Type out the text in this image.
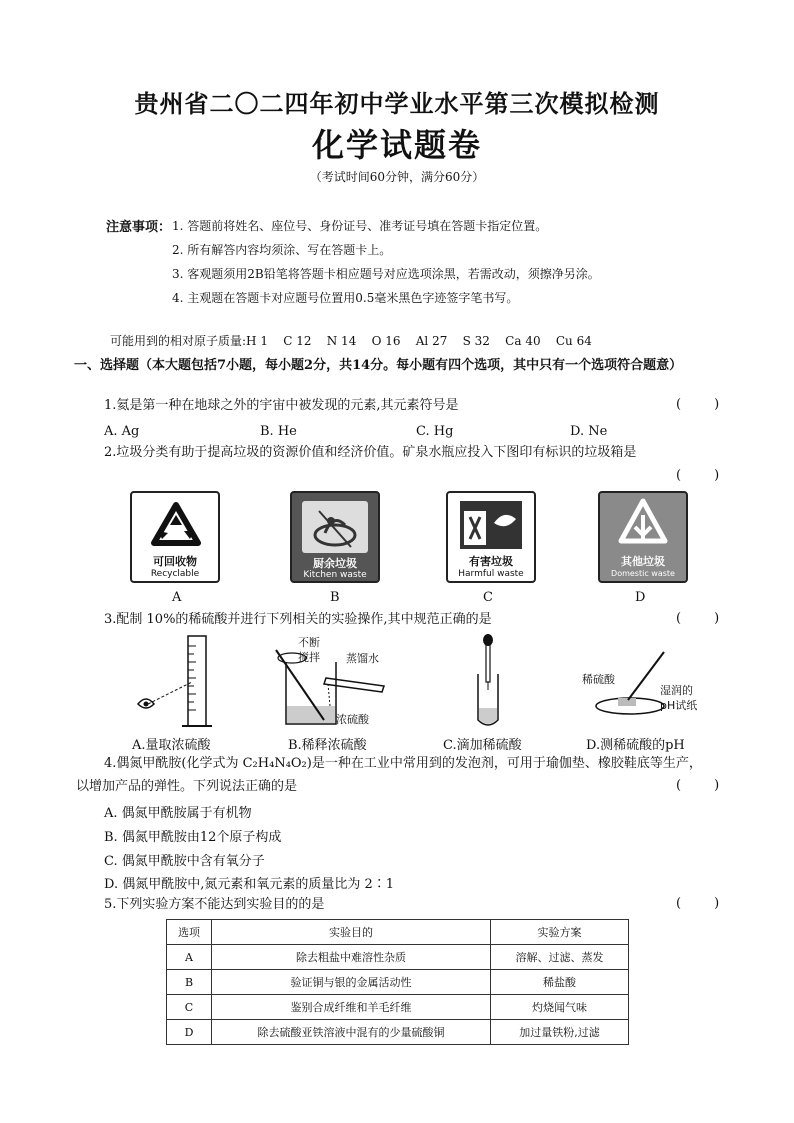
贵州省二〇二四年初中学业水平第三次模拟检测
化学试题卷
（考试时间60分钟，满分60分）
注意事项： 1. 答题前将姓名、座位号、身份证号、准考证号填在答题卡指定位置。
2. 所有解答内容均须涂、写在答题卡上。
3. 客观题须用2B铅笔将答题卡相应题号对应选项涂黑，若需改动，须擦净另涂。
4. 主观题在答题卡对应题号位置用0.5毫米黑色字迹签字笔书写。
可能用到的相对原子质量:H 1    C 12    N 14    O 16    Al 27    S 32    Ca 40    Cu 64
一、选择题（本大题包括7小题，每小题2分，共14分。每小题有四个选项，其中只有一个选项符合题意）
1.氦是第一种在地球之外的宇宙中被发现的元素,其元素符号是	(        )
A. Ag	B. He	C. Hg	D. Ne
2.垃圾分类有助于提高垃圾的资源价值和经济价值。矿泉水瓶应投入下图印有标识的垃圾箱是
(        )
可回收物
Recyclable
A
厨余垃圾
Kitchen waste
B
有害垃圾
Harmful waste
C
其他垃圾
Domestic waste
D
3.配制 10%的稀硫酸并进行下列相关的实验操作,其中规范正确的是	(        )
A.量取浓硫酸
不断
搅拌 蒸馏水
浓硫酸
B.稀释浓硫酸	C.滴加稀硫酸
稀硫酸
湿润的
pH试纸
D.测稀硫酸的pH
4.偶氮甲酰胺(化学式为 C₂H₄N₄O₂)是一种在工业中常用到的发泡剂，可用于瑜伽垫、橡胶鞋底等生产，
以增加产品的弹性。下列说法正确的是	(        )
A. 偶氮甲酰胺属于有机物
B. 偶氮甲酰胺由12个原子构成
C. 偶氮甲酰胺中含有氧分子
D. 偶氮甲酰胺中,氮元素和氧元素的质量比为 2∶1
5.下列实验方案不能达到实验目的的是	(        )
选项	实验目的	实验方案
A	除去粗盐中难溶性杂质	溶解、过滤、蒸发
B	验证铜与银的金属活动性	稀盐酸
C	鉴别合成纤维和羊毛纤维	灼烧闻气味
D	除去硫酸亚铁溶液中混有的少量硫酸铜	加过量铁粉,过滤
